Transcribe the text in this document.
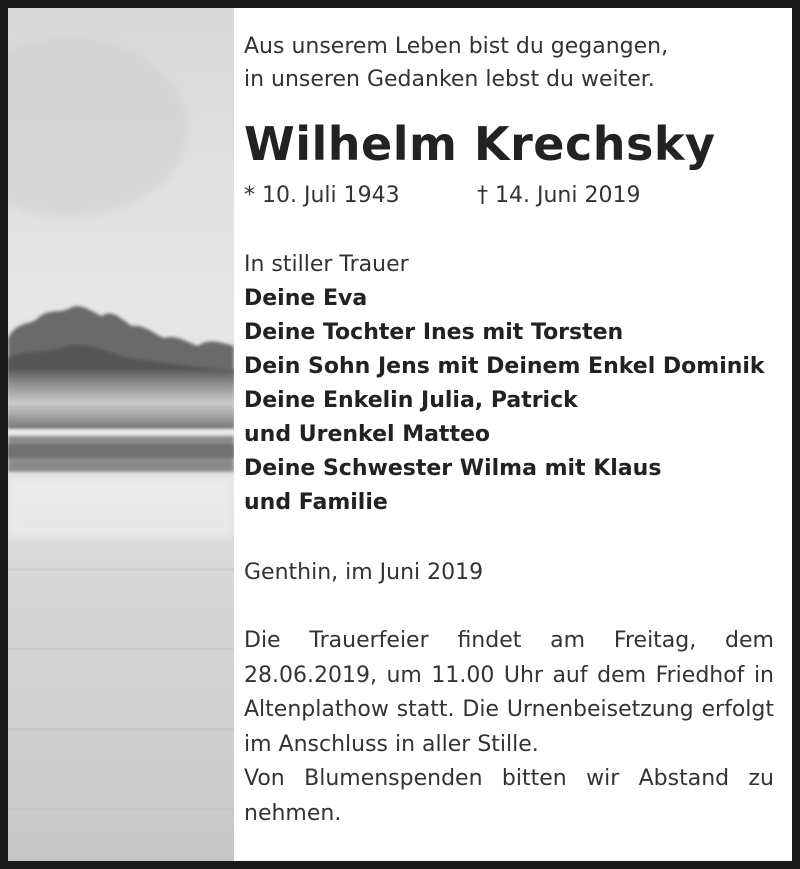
Aus unserem Leben bist du gegangen,
in unseren Gedanken lebst du weiter.
Wilhelm Krechsky
* 10. Juli 1943	† 14. Juni 2019
In stiller Trauer
Deine Eva
Deine Tochter Ines mit Torsten
Dein Sohn Jens mit Deinem Enkel Dominik
Deine Enkelin Julia, Patrick
und Urenkel Matteo
Deine Schwester Wilma mit Klaus
und Familie
Genthin, im Juni 2019

Die Trauerfeier findet am Freitag, dem 28.06.2019, um 11.00 Uhr auf dem Friedhof in Altenplathow statt. Die Urnenbeisetzung erfolgt im Anschluss in aller Stille.

Von Blumenspenden bitten wir Abstand zu nehmen.
